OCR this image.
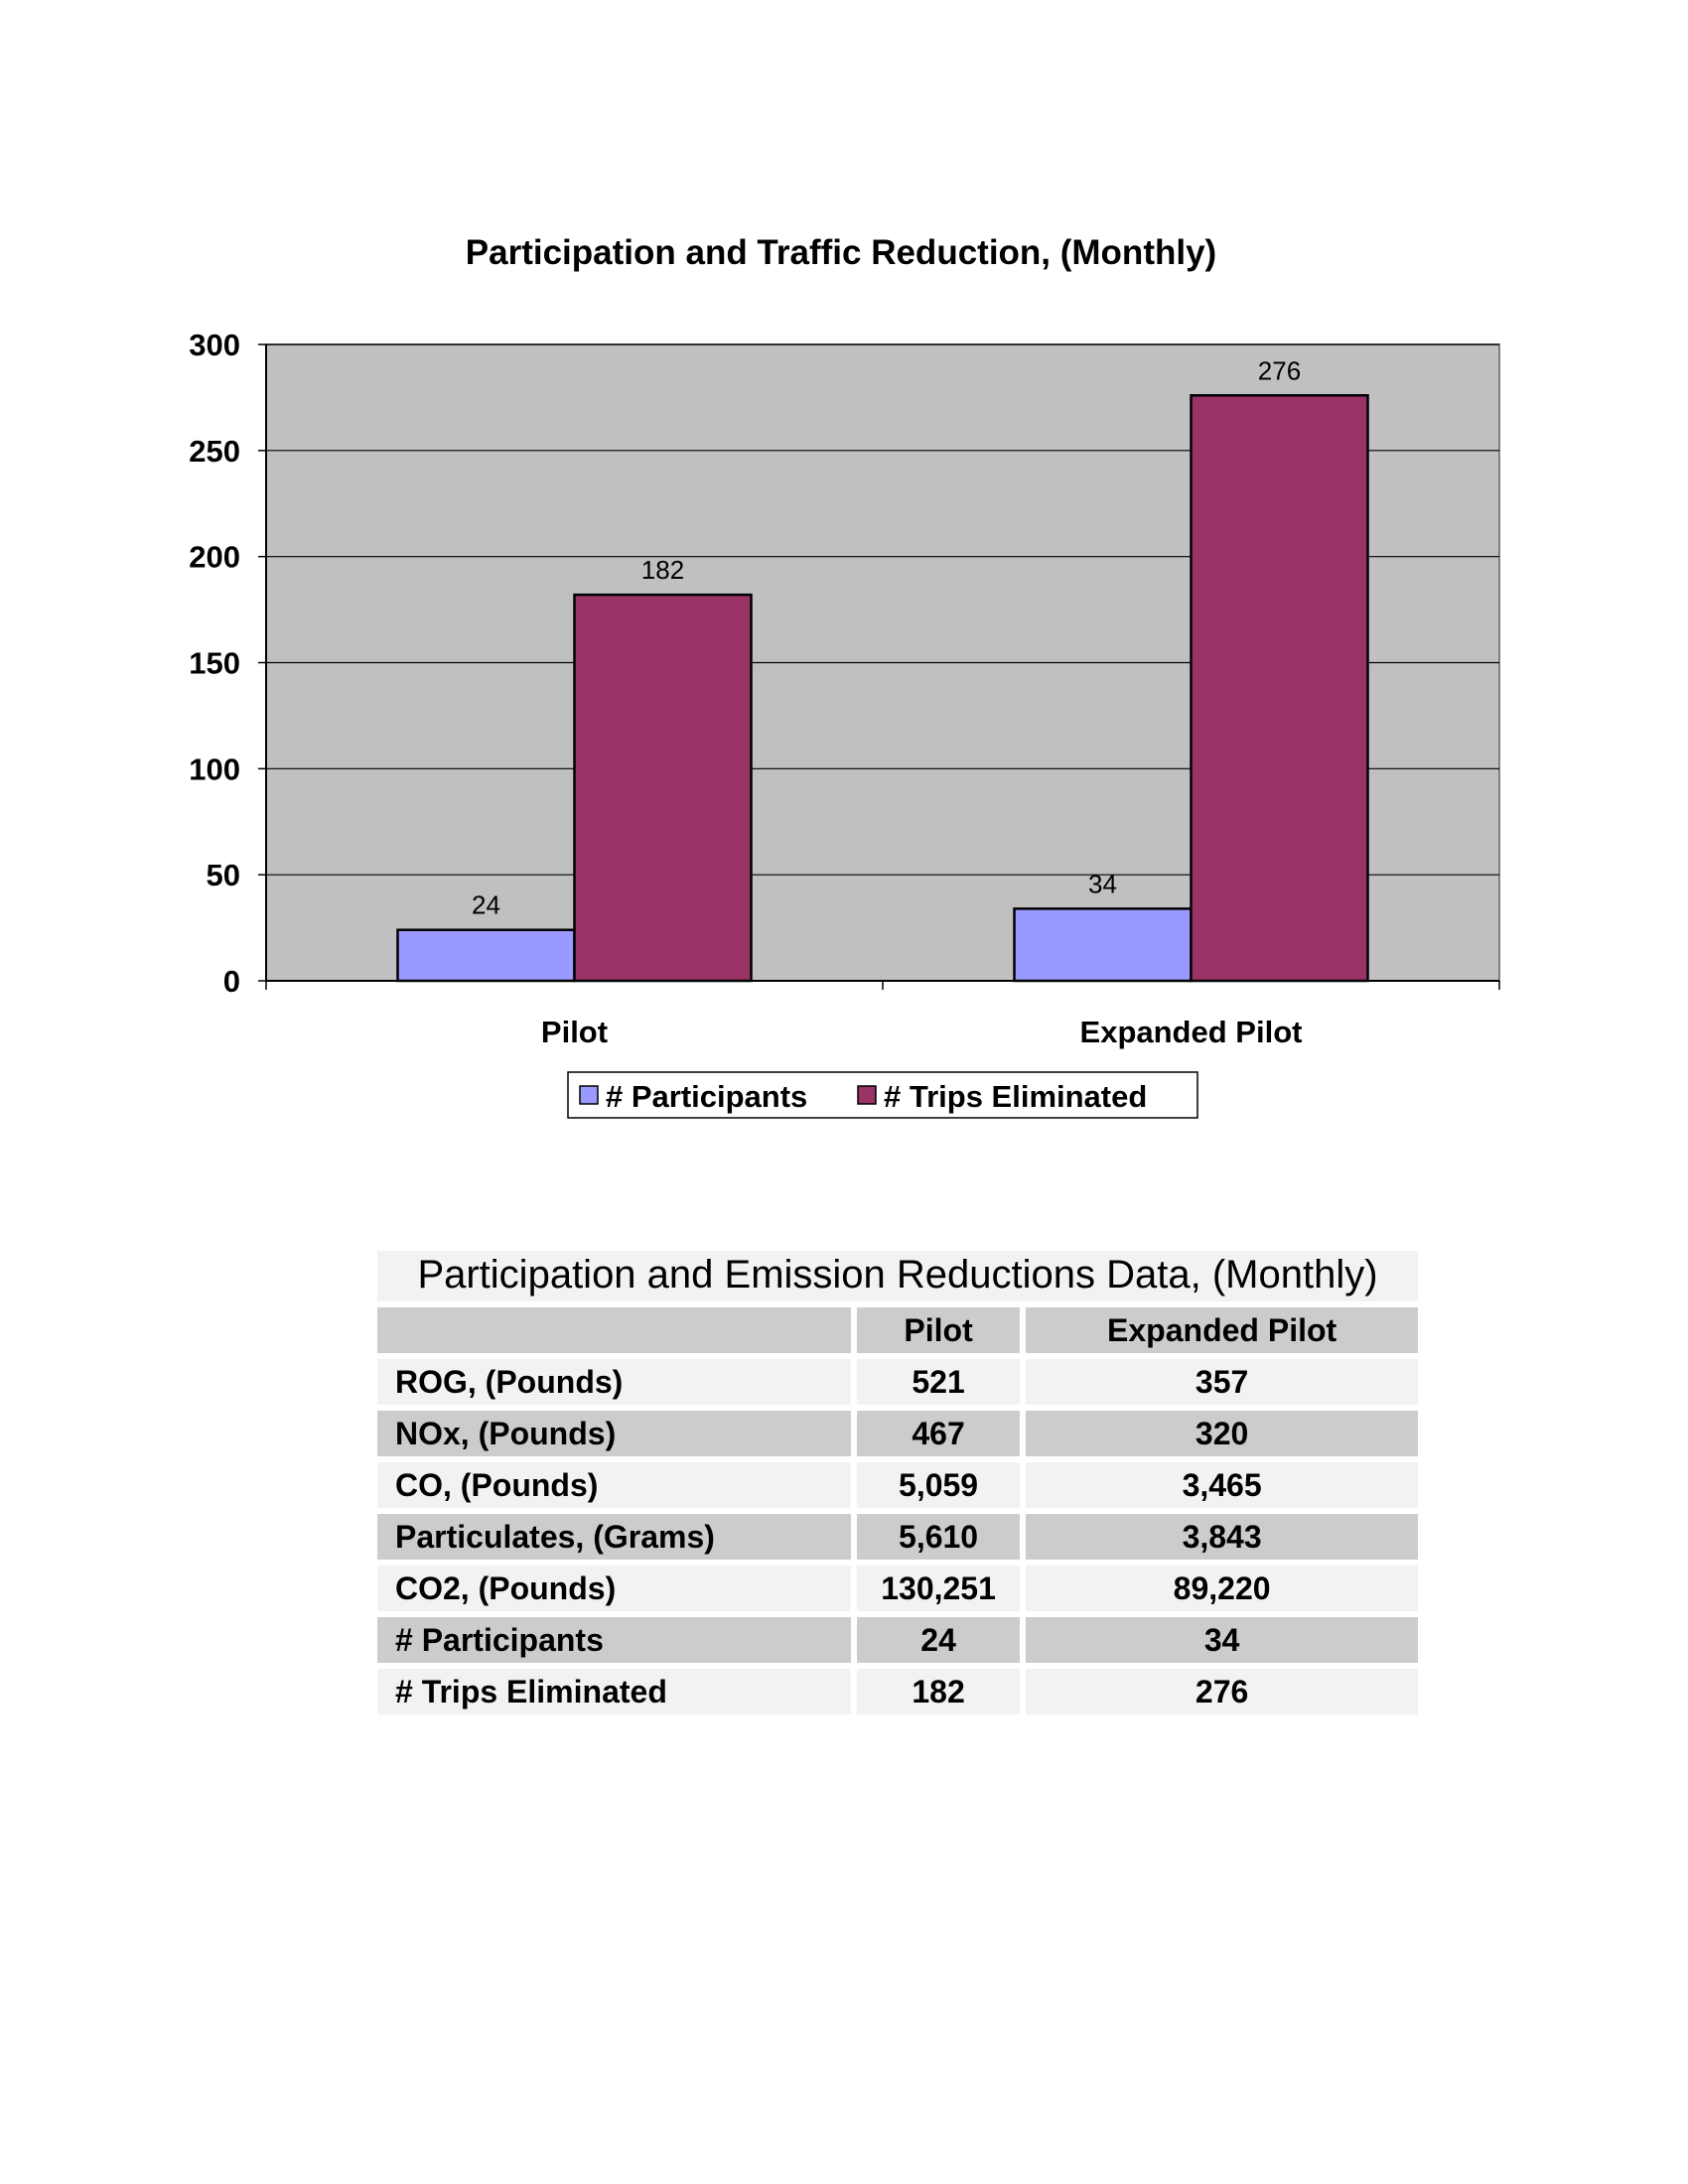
Participation and Traffic Reduction, (Monthly)
0
50
100
150
200
250
300
24
182
Pilot
34
276
Expanded Pilot
# Participants # Trips Eliminated
Participation and Emission Reductions Data, (Monthly)
	Pilot	Expanded Pilot
ROG, (Pounds)	521	357
NOx, (Pounds)	467	320
CO, (Pounds)	5,059	3,465
Particulates, (Grams)	5,610	3,843
CO2, (Pounds)	130,251	89,220
# Participants	24	34
# Trips Eliminated	182	276
